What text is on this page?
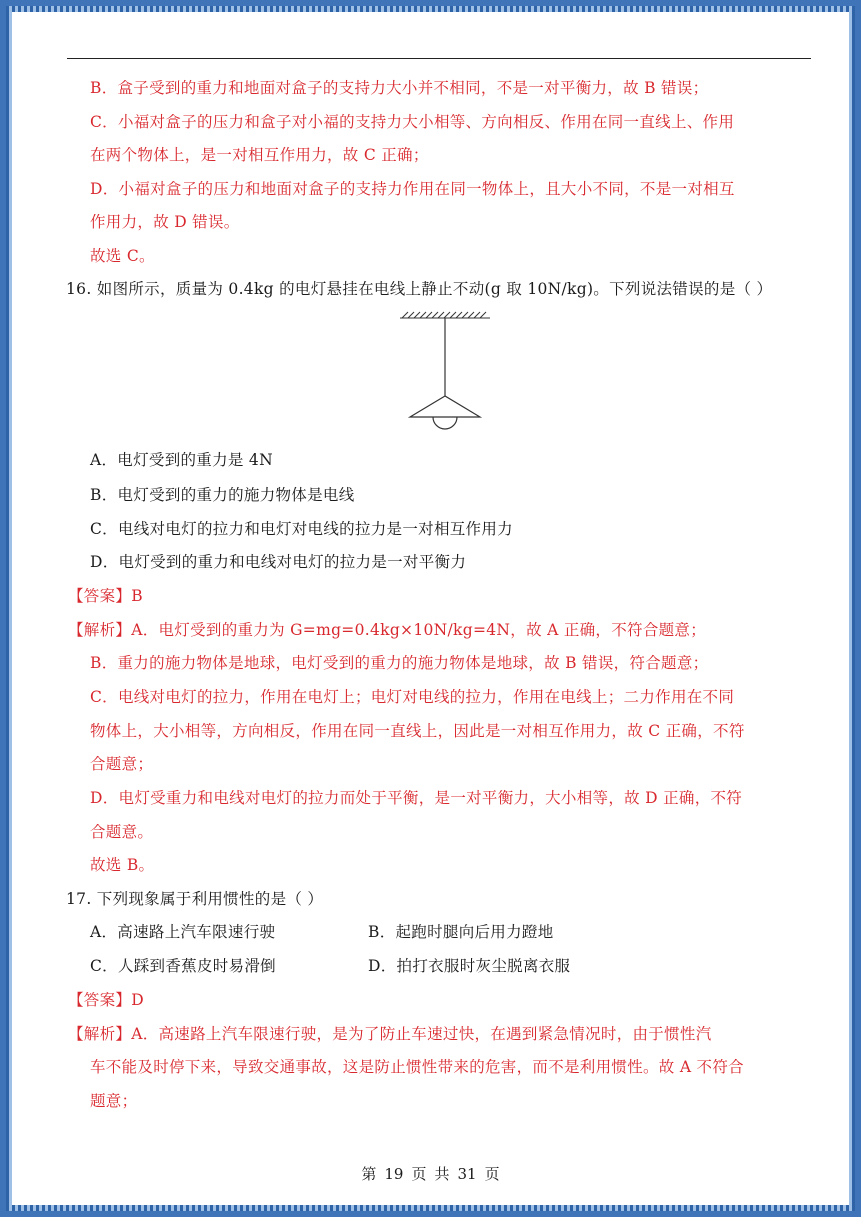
B．盒子受到的重力和地面对盒子的支持力大小并不相同，不是一对平衡力，故 B 错误；
C．小福对盒子的压力和盒子对小福的支持力大小相等、方向相反、作用在同一直线上、作用
在两个物体上，是一对相互作用力，故 C 正确；
D．小福对盒子的压力和地面对盒子的支持力作用在同一物体上，且大小不同，不是一对相互
作用力，故 D 错误。
故选 C。
16. 如图所示，质量为 0.4kg 的电灯悬挂在电线上静止不动(g 取 10N/kg)。下列说法错误的是（ ）
A．电灯受到的重力是 4N
B．电灯受到的重力的施力物体是电线
C．电线对电灯的拉力和电灯对电线的拉力是一对相互作用力
D．电灯受到的重力和电线对电灯的拉力是一对平衡力
【答案】B
【解析】A．电灯受到的重力为 G=mg=0.4kg×10N/kg=4N，故 A 正确，不符合题意；
B．重力的施力物体是地球，电灯受到的重力的施力物体是地球，故 B 错误，符合题意；
C．电线对电灯的拉力，作用在电灯上；电灯对电线的拉力，作用在电线上；二力作用在不同
物体上，大小相等，方向相反，作用在同一直线上，因此是一对相互作用力，故 C 正确，不符
合题意；
D．电灯受重力和电线对电灯的拉力而处于平衡，是一对平衡力，大小相等，故 D 正确，不符
合题意。
故选 B。
17. 下列现象属于利用惯性的是（ ）
A．高速路上汽车限速行驶	B．起跑时腿向后用力蹬地
C．人踩到香蕉皮时易滑倒	D．拍打衣服时灰尘脱离衣服
【答案】D
【解析】A．高速路上汽车限速行驶，是为了防止车速过快，在遇到紧急情况时，由于惯性汽
车不能及时停下来，导致交通事故，这是防止惯性带来的危害，而不是利用惯性。故 A 不符合
题意；
第 19 页 共 31 页
